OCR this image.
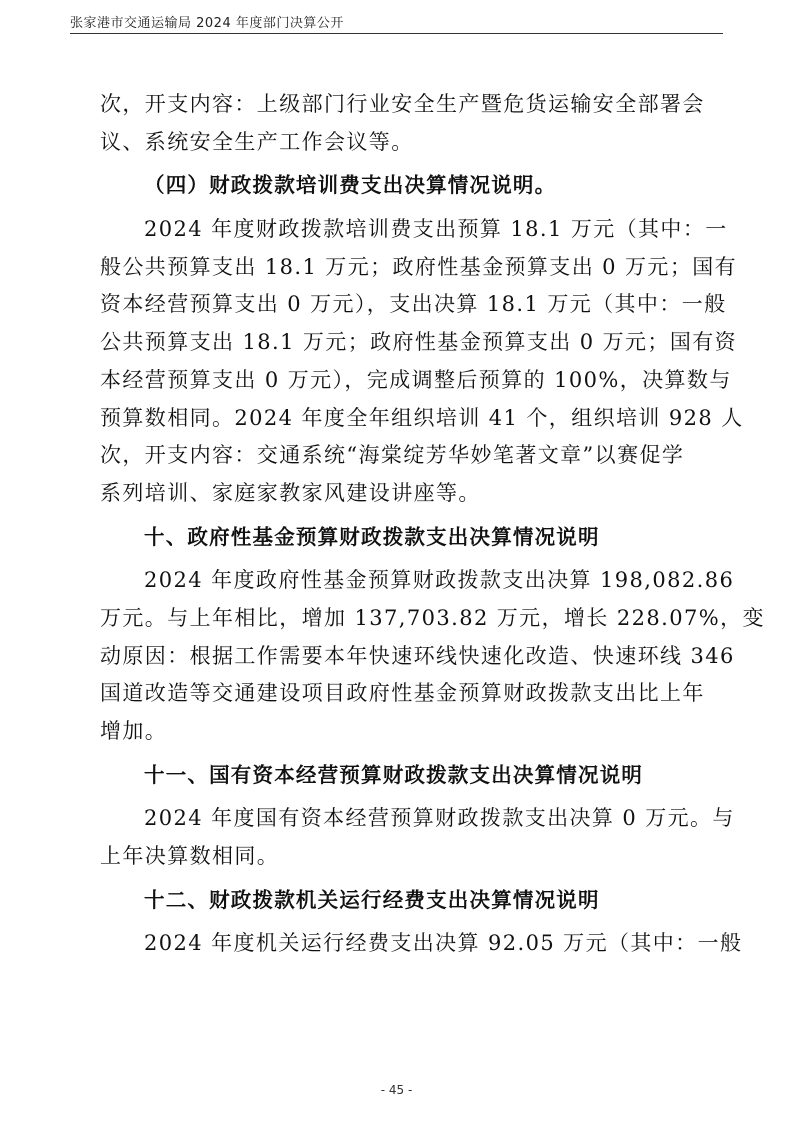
张家港市交通运输局 2024 年度部门决算公开
次，开支内容：上级部门行业安全生产暨危货运输安全部署会
议、系统安全生产工作会议等。
（四）财政拨款培训费支出决算情况说明。
2024 年度财政拨款培训费支出预算 18.1 万元（其中：一
般公共预算支出 18.1 万元；政府性基金预算支出 0 万元；国有
资本经营预算支出 0 万元），支出决算 18.1 万元（其中：一般
公共预算支出 18.1 万元；政府性基金预算支出 0 万元；国有资
本经营预算支出 0 万元），完成调整后预算的 100%，决算数与
预算数相同。2024 年度全年组织培训 41 个，组织培训 928 人
次，开支内容：交通系统“海棠绽芳华妙笔著文章”以赛促学
系列培训、家庭家教家风建设讲座等。
十、政府性基金预算财政拨款支出决算情况说明
2024 年度政府性基金预算财政拨款支出决算 198,082.86
万元。与上年相比，增加 137,703.82 万元，增长 228.07%，变
动原因：根据工作需要本年快速环线快速化改造、快速环线 346
国道改造等交通建设项目政府性基金预算财政拨款支出比上年
增加。
十一、国有资本经营预算财政拨款支出决算情况说明
2024 年度国有资本经营预算财政拨款支出决算 0 万元。与
上年决算数相同。
十二、财政拨款机关运行经费支出决算情况说明
2024 年度机关运行经费支出决算 92.05 万元（其中：一般
- 45 -
